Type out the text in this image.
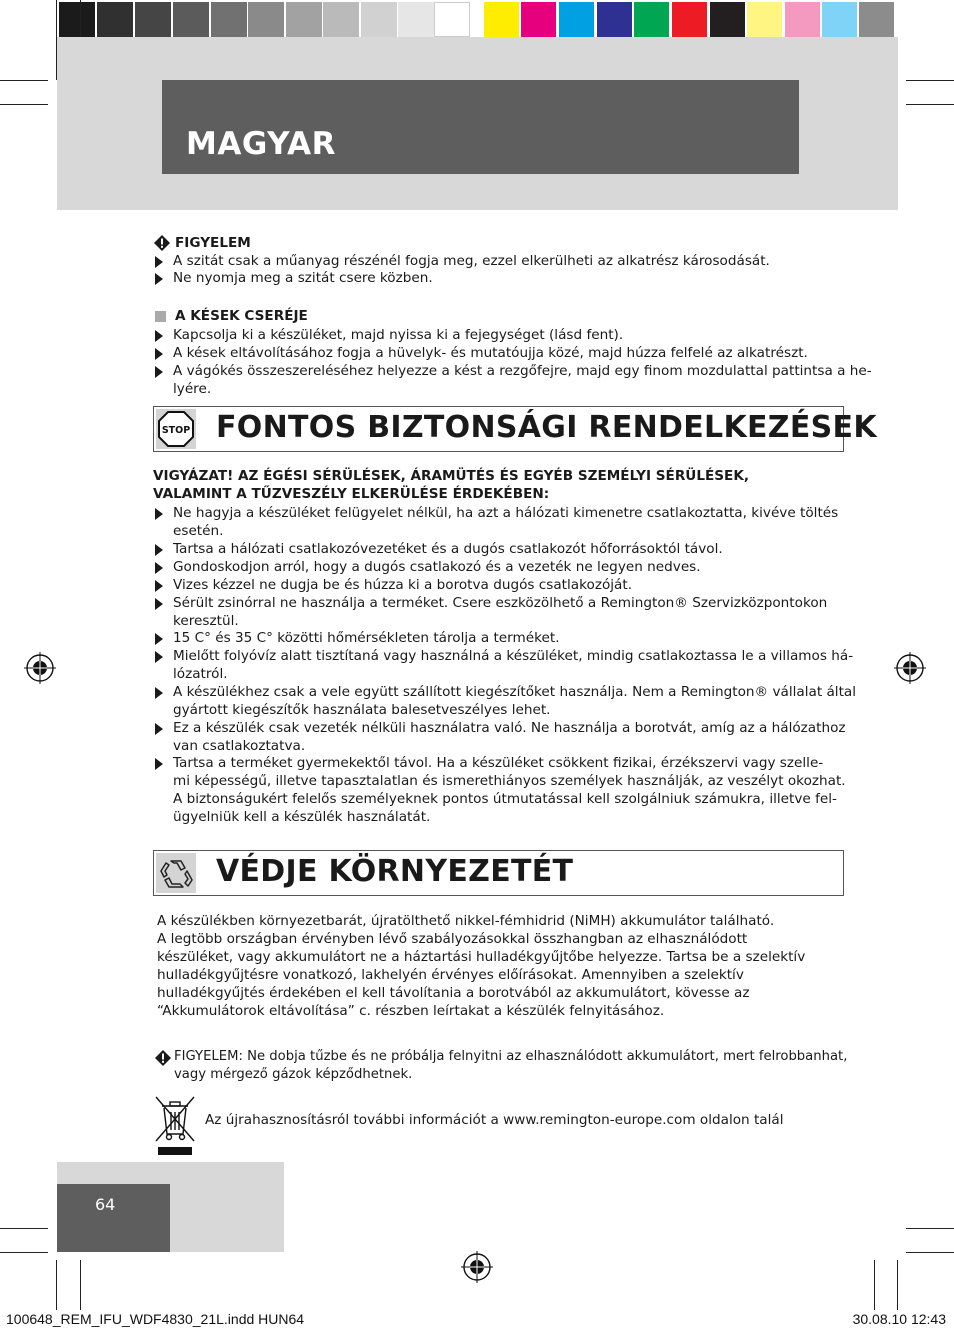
MAGYAR
FIGYELEM
A szitát csak a műanyag részénél fogja meg, ezzel elkerülheti az alkatrész károsodását.
Ne nyomja meg a szitát csere közben.
A KÉSEK CSERÉJE
Kapcsolja ki a készüléket, majd nyissa ki a fejegységet (lásd fent).
A kések eltávolításához fogja a hüvelyk- és mutatóujja közé, majd húzza felfelé az alkatrészt.
A vágókés összeszereléséhez helyezze a kést a rezgőfejre, majd egy finom mozdulattal pattintsa a he-
lyére.
STOP FONTOS BIZTONSÁGI RENDELKEZÉSEK
VIGYÁZAT! AZ ÉGÉSI SÉRÜLÉSEK, ÁRAMÜTÉS ÉS EGYÉB SZEMÉLYI SÉRÜLÉSEK,
VALAMINT A TŰZVESZÉLY ELKERÜLÉSE ÉRDEKÉBEN:
Ne hagyja a készüléket felügyelet nélkül, ha azt a hálózati kimenetre csatlakoztatta, kivéve töltés
esetén.
Tartsa a hálózati csatlakozóvezetéket és a dugós csatlakozót hőforrásoktól távol.
Gondoskodjon arról, hogy a dugós csatlakozó és a vezeték ne legyen nedves.
Vizes kézzel ne dugja be és húzza ki a borotva dugós csatlakozóját.
Sérült zsinórral ne használja a terméket. Csere eszközölhető a Remington® Szervizközpontokon
keresztül.
15 C° és 35 C° közötti hőmérsékleten tárolja a terméket.
Mielőtt folyóvíz alatt tisztítaná vagy használná a készüléket, mindig csatlakoztassa le a villamos há-
lózatról.
A készülékhez csak a vele együtt szállított kiegészítőket használja. Nem a Remington® vállalat által
gyártott kiegészítők használata balesetveszélyes lehet.
Ez a készülék csak vezeték nélküli használatra való. Ne használja a borotvát, amíg az a hálózathoz
van csatlakoztatva.
Tartsa a terméket gyermekektől távol. Ha a készüléket csökkent fizikai, érzékszervi vagy szelle-
mi képességű, illetve tapasztalatlan és ismerethiányos személyek használják, az veszélyt okozhat.
A biztonságukért felelős személyeknek pontos útmutatással kell szolgálniuk számukra, illetve fel-
ügyelniük kell a készülék használatát.
VÉDJE KÖRNYEZETÉT
A készülékben környezetbarát, újratölthető nikkel-fémhidrid (NiMH) akkumulátor található.
A legtöbb országban érvényben lévő szabályozásokkal összhangban az elhasználódott
készüléket, vagy akkumulátort ne a háztartási hulladékgyűjtőbe helyezze. Tartsa be a szelektív
hulladékgyűjtésre vonatkozó, lakhelyén érvényes előírásokat. Amennyiben a szelektív
hulladékgyűjtés érdekében el kell távolítania a borotvából az akkumulátort, kövesse az
“Akkumulátorok eltávolítása” c. részben leírtakat a készülék felnyitásához.
FIGYELEM: Ne dobja tűzbe és ne próbálja felnyitni az elhasználódott akkumulátort, mert felrobbanhat,
vagy mérgező gázok képződhetnek.
Az újrahasznosításról további információt a www.remington-europe.com oldalon talál
64
100648_REM_IFU_WDF4830_21L.indd HUN64	30.08.10 12:43
